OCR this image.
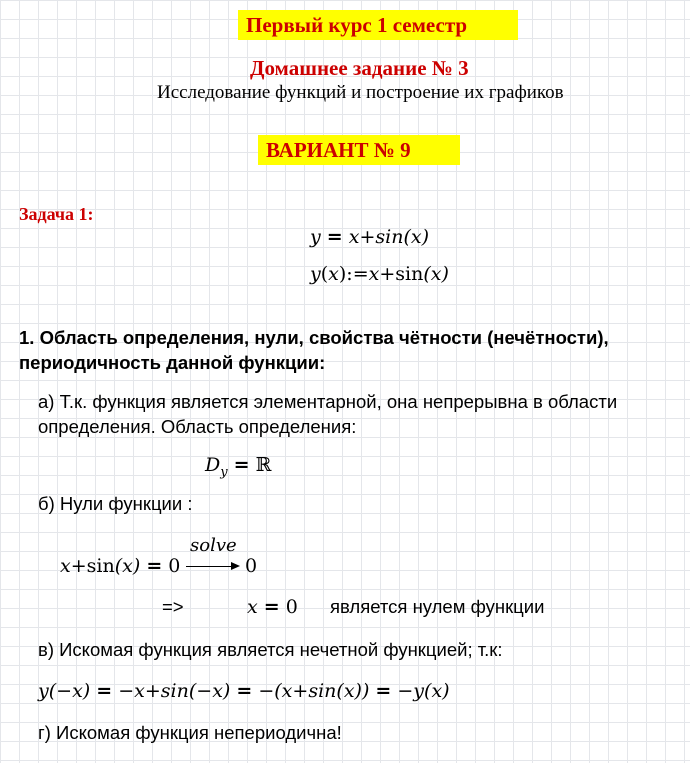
Первый курс 1 семестр
Домашнее задание № 3
Исследование функций и построение их графиков
ВАРИАНТ № 9
Задача 1:
y = x+sin(x)
y(x):=x+sin(x)
1. Область определения, нули, свойства чётности (нечётности),
периодичность данной функции:
а) Т.к. функция является элементарной, она непрерывна в области
определения. Область определения:
$D_y$ = ℝ
б) Нули функции :
x+sin(x) = 0
solve
0
=>	x = 0 является нулем функции
в) Искомая функция является нечетной функцией; т.к:
y(−x) = −x+sin(−x) = −(x+sin(x)) = −y(x)
г) Искомая функция непериодична!
